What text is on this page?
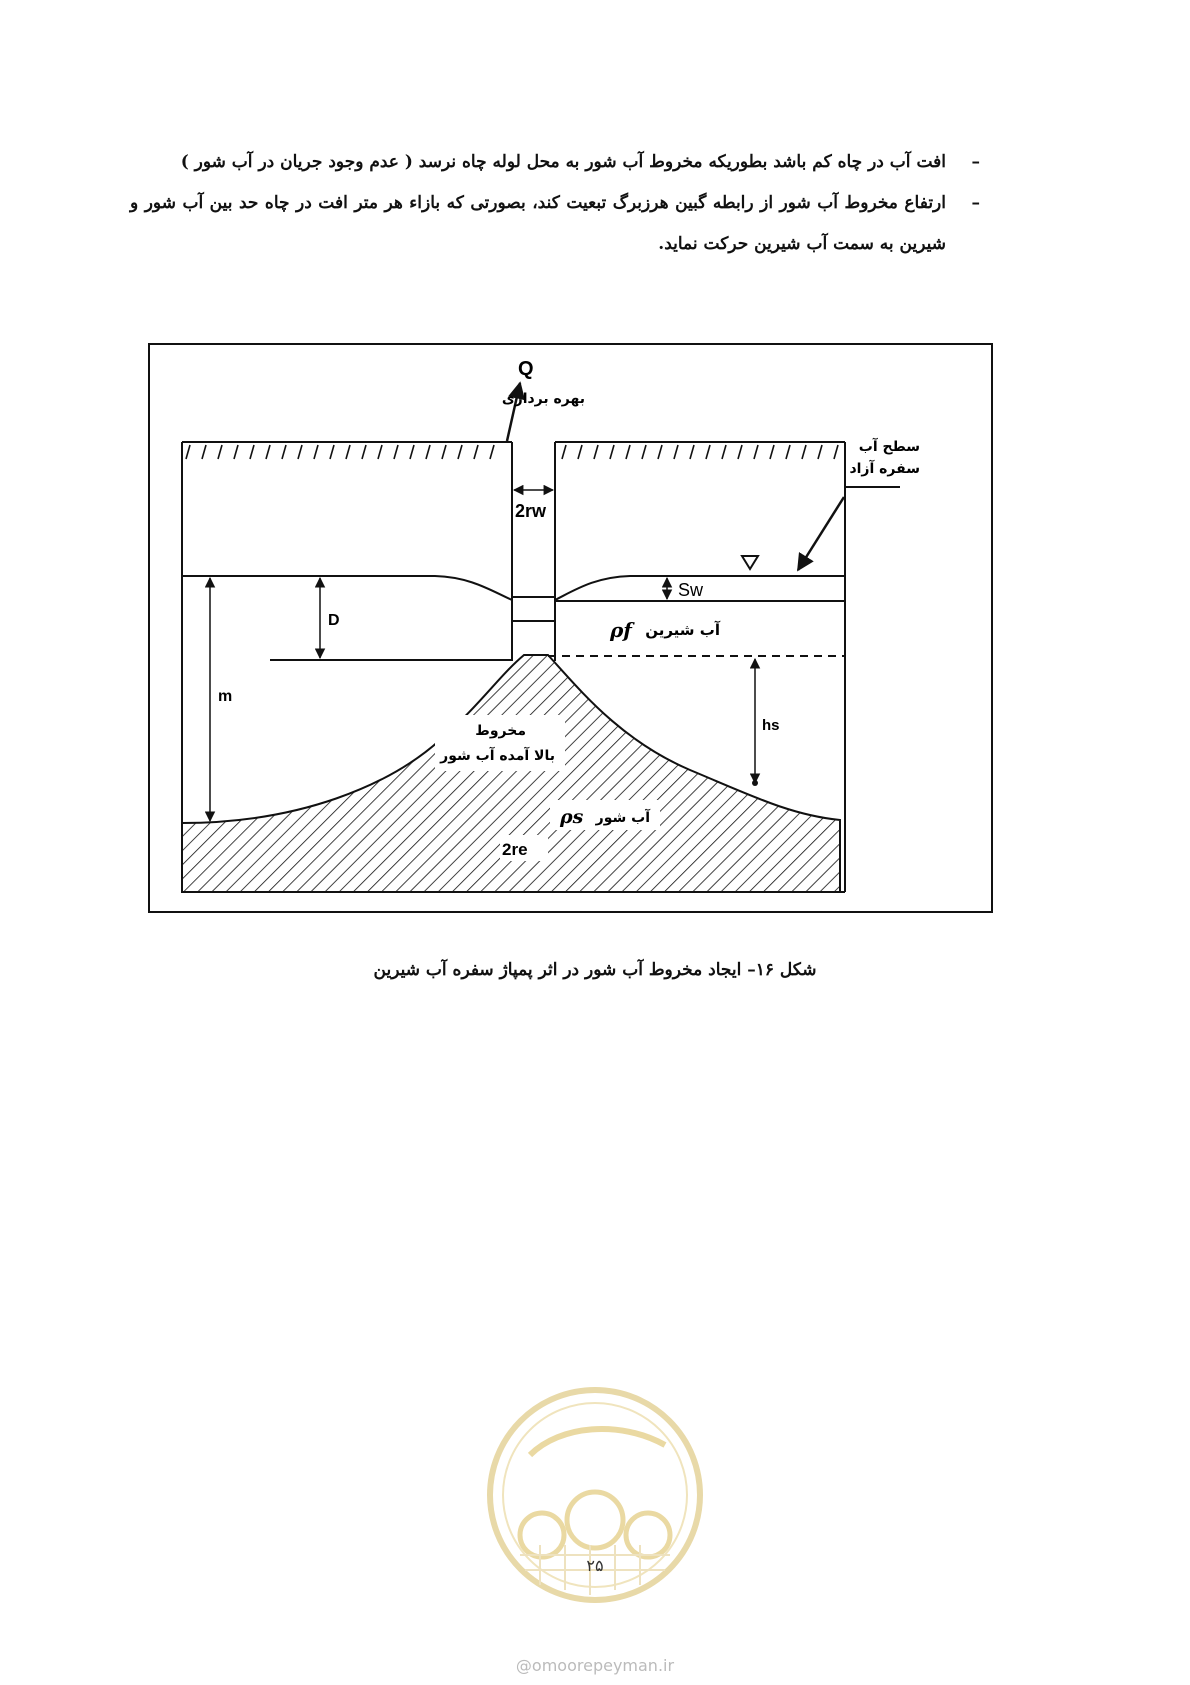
–
افت آب در چاه کم باشد بطوریکه مخروط آب شور به محل لوله چاه نرسد ( عدم وجود جریان در آب شور )
–
ارتفاع مخروط آب شور از رابطه گبین هرزبرگ تبعیت کند، بصورتی که بازاء هر متر افت در چاه حد بین آب شور و شیرین به سمت آب شیرین حرکت نماید.
Q
بهره برداری
2rw
سطح آب
سفره آزاد
Sw
D
m
آب شیرین
ρf
مخروط
بالا آمده آب شور
hs
آب شور
ρs
2re
شکل ۱۶– ایجاد مخروط آب شور در اثر پمپاژ سفره آب شیرین
۲۵
@omoorepeyman.ir
